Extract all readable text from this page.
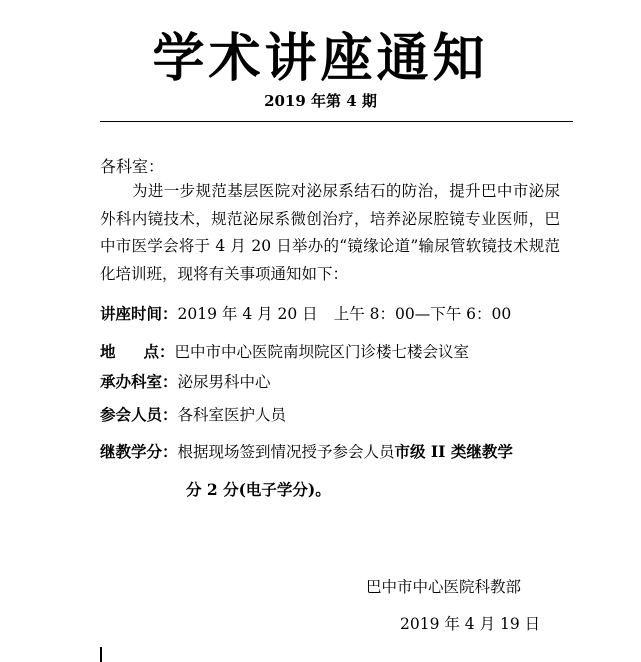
学术讲座通知
2019 年第 4 期
各科室：
为进一步规范基层医院对泌尿系结石的防治，提升巴中市泌尿外科内镜技术，规范泌尿系微创治疗，培养泌尿腔镜专业医师，巴中市医学会将于 4 月 20 日举办的“镜缘论道”输尿管软镜技术规范化培训班，现将有关事项通知如下：
讲座时间：2019 年 4 月 20 日 上午 8：00—下午 6：00
地 点：巴中市中心医院南坝院区门诊楼七楼会议室
承办科室：泌尿男科中心
参会人员：各科室医护人员
继教学分：根据现场签到情况授予参会人员市级 II 类继教学
分 2 分(电子学分)。
巴中市中心医院科教部
2019 年 4 月 19 日
